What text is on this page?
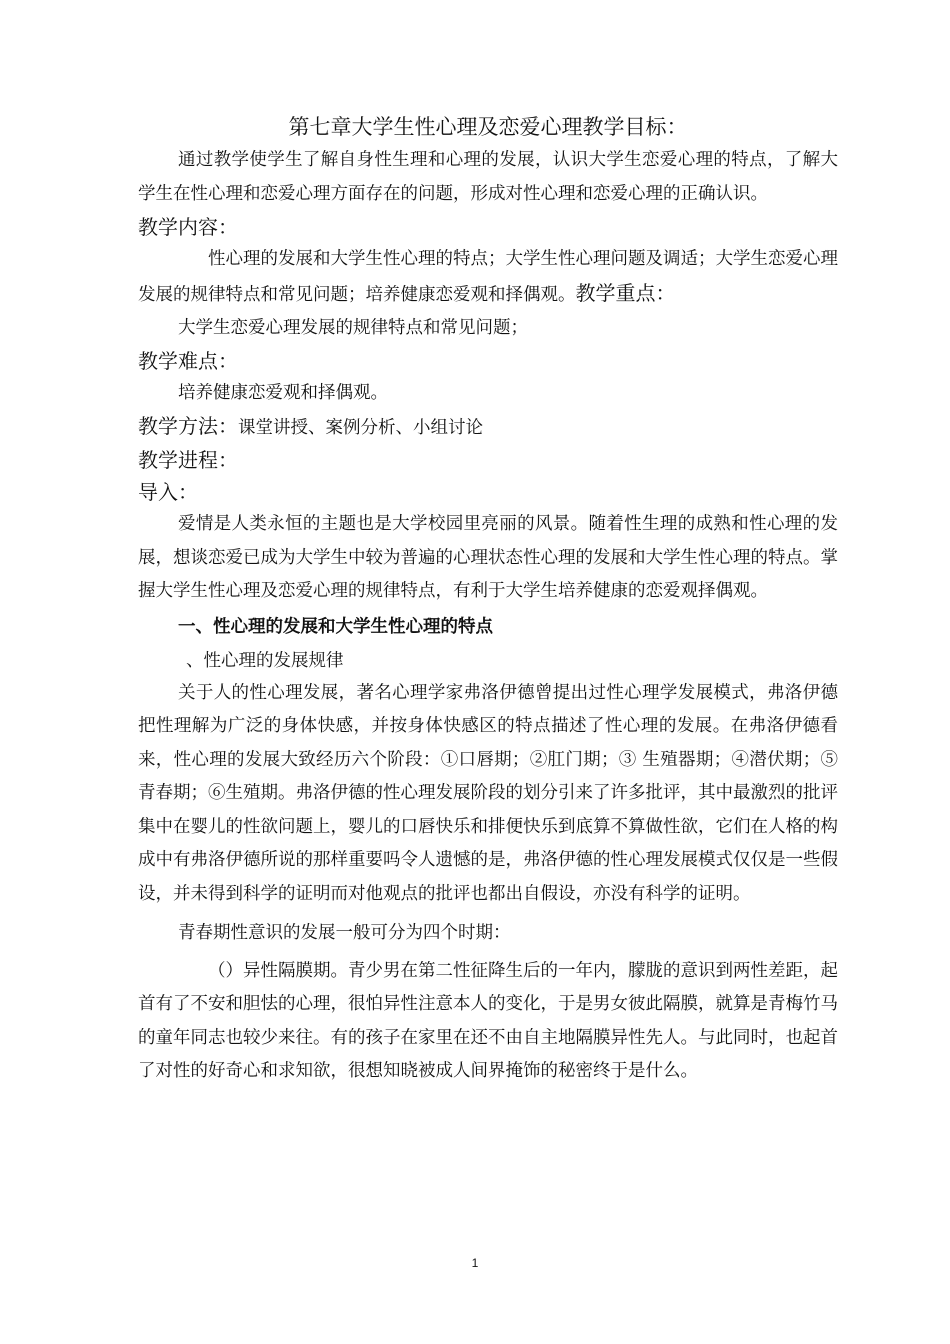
第七章大学生性心理及恋爱心理教学目标：

通过教学使学生了解自身性生理和心理的发展，认识大学生恋爱心理的特点，了解大学生在性心理和恋爱心理方面存在的问题，形成对性心理和恋爱心理的正确认识。

教学内容：

性心理的发展和大学生性心理的特点；大学生性心理问题及调适；大学生恋爱心理发展的规律特点和常见问题；培养健康恋爱观和择偶观。教学重点：

大学生恋爱心理发展的规律特点和常见问题；

教学难点：

培养健康恋爱观和择偶观。

教学方法：课堂讲授、案例分析、小组讨论

教学进程：

导入：

爱情是人类永恒的主题也是大学校园里亮丽的风景。随着性生理的成熟和性心理的发展，想谈恋爱已成为大学生中较为普遍的心理状态性心理的发展和大学生性心理的特点。掌握大学生性心理及恋爱心理的规律特点，有利于大学生培养健康的恋爱观择偶观。

一、性心理的发展和大学生性心理的特点

、性心理的发展规律

关于人的性心理发展，著名心理学家弗洛伊德曾提出过性心理学发展模式，弗洛伊德把性理解为广泛的身体快感，并按身体快感区的特点描述了性心理的发展。在弗洛伊德看来，性心理的发展大致经历六个阶段：①口唇期；②肛门期；③ 生殖器期；④潜伏期；⑤青春期；⑥生殖期。弗洛伊德的性心理发展阶段的划分引来了许多批评，其中最激烈的批评集中在婴儿的性欲问题上，婴儿的口唇快乐和排便快乐到底算不算做性欲，它们在人格的构成中有弗洛伊德所说的那样重要吗令人遗憾的是，弗洛伊德的性心理发展模式仅仅是一些假设，并未得到科学的证明而对他观点的批评也都出自假设，亦没有科学的证明。

青春期性意识的发展一般可分为四个时期：

（）异性隔膜期。青少男在第二性征降生后的一年内，朦胧的意识到两性差距，起首有了不安和胆怯的心理，很怕异性注意本人的变化，于是男女彼此隔膜，就算是青梅竹马的童年同志也较少来往。有的孩子在家里在还不由自主地隔膜异性先人。与此同时，也起首了对性的好奇心和求知欲，很想知晓被成人间界掩饰的秘密终于是什么。

1
